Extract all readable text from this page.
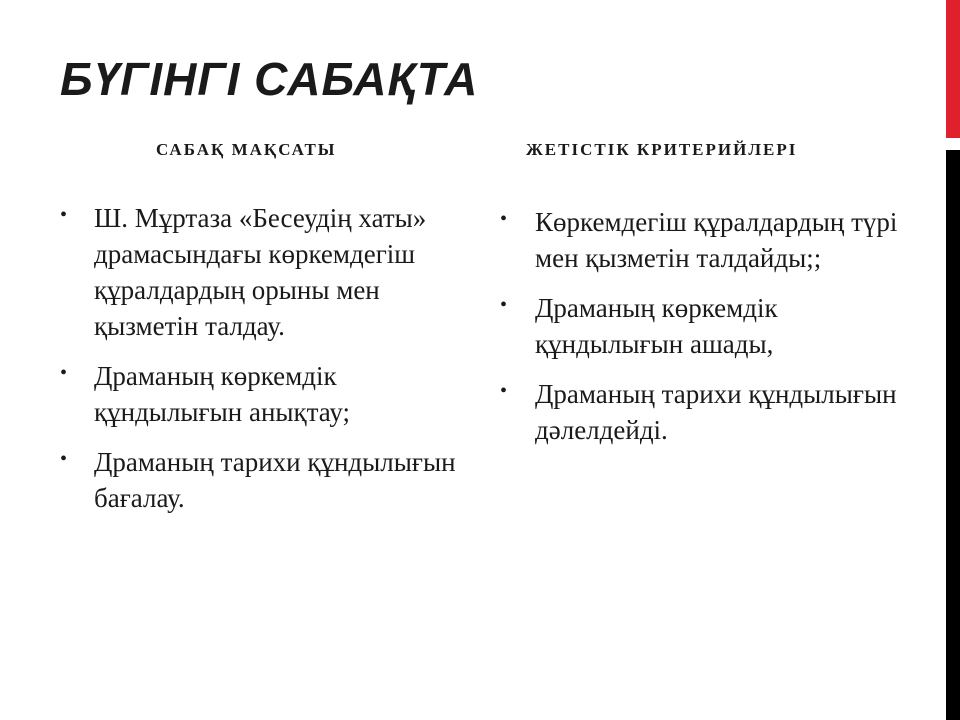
БҮГІНГІ САБАҚТА
САБАҚ МАҚСАТЫ
• Ш. Мұртаза «Бесеудің хаты» драмасындағы көркемдегіш құралдардың орыны мен қызметін талдау.
• Драманың көркемдік құндылығын анықтау;
• Драманың тарихи құндылығын бағалау.
ЖЕТІСТІК КРИТЕРИЙЛЕРІ
• Көркемдегіш құралдардың түрі мен қызметін талдайды;;
• Драманың көркемдік құндылығын ашады,
• Драманың тарихи құндылығын дәлелдейді.
